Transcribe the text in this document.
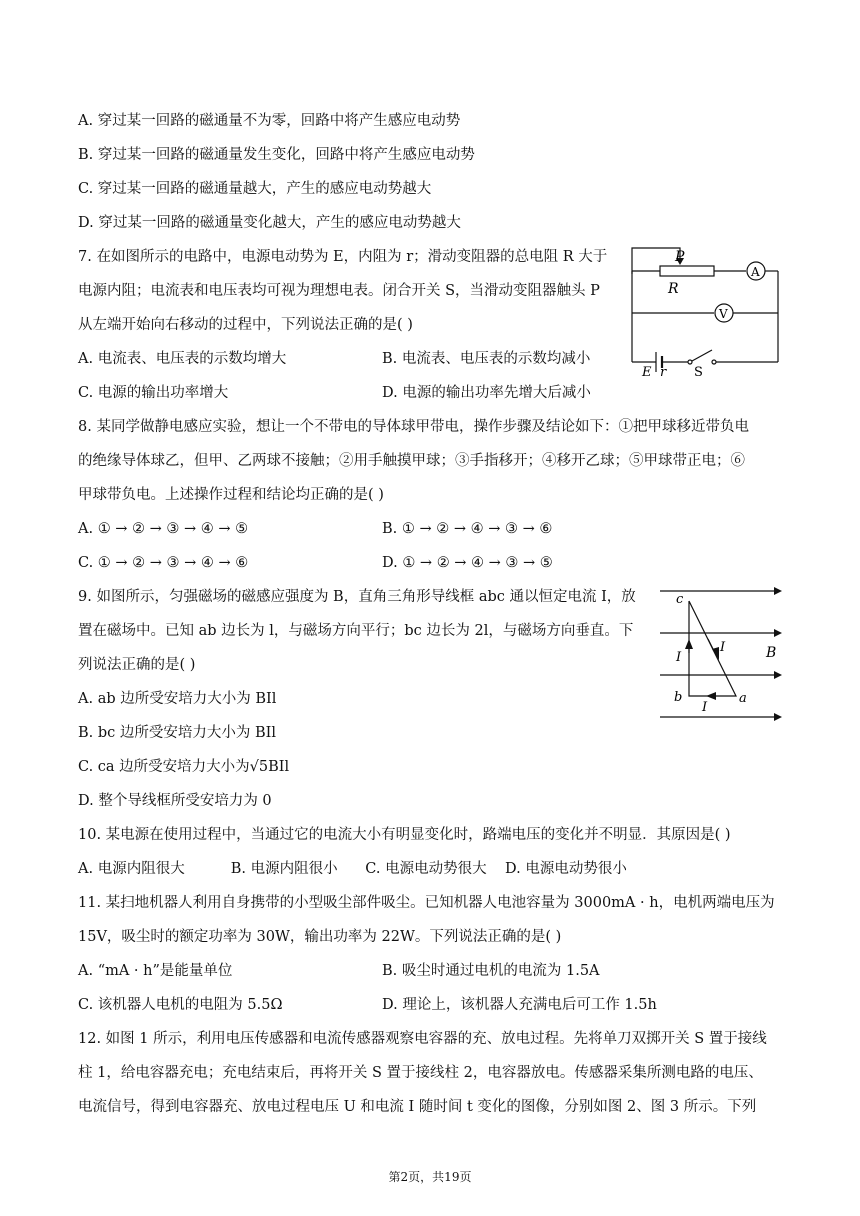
A. 穿过某一回路的磁通量不为零，回路中将产生感应电动势
B. 穿过某一回路的磁通量发生变化，回路中将产生感应电动势
C. 穿过某一回路的磁通量越大，产生的感应电动势越大
D. 穿过某一回路的磁通量变化越大，产生的感应电动势越大
7. 在如图所示的电路中，电源电动势为 E，内阻为 r；滑动变阻器的总电阻 R 大于
电源内阻；电流表和电压表均可视为理想电表。闭合开关 S，当滑动变阻器触头 P
从左端开始向右移动的过程中，下列说法正确的是( )
A. 电流表、电压表的示数均增大	B. 电流表、电压表的示数均减小
C. 电源的输出功率增大	D. 电源的输出功率先增大后减小
P
R
A
V
E r S
8. 某同学做静电感应实验，想让一个不带电的导体球甲带电，操作步骤及结论如下：①把甲球移近带负电
的绝缘导体球乙，但甲、乙两球不接触；②用手触摸甲球；③手指移开；④移开乙球；⑤甲球带正电；⑥
甲球带负电。上述操作过程和结论均正确的是( )
A. ① → ② → ③ → ④ → ⑤	B. ① → ② → ④ → ③ → ⑥
C. ① → ② → ③ → ④ → ⑥	D. ① → ② → ④ → ③ → ⑤
9. 如图所示，匀强磁场的磁感应强度为 B，直角三角形导线框 abc 通以恒定电流 I，放
置在磁场中。已知 ab 边长为 l，与磁场方向平行；bc 边长为 2l，与磁场方向垂直。下
列说法正确的是( )
A. ab 边所受安培力大小为 BIl
B. bc 边所受安培力大小为 BIl
C. ca 边所受安培力大小为√5BIl
D. 整个导线框所受安培力为 0
c
b	a
I
I
I
B
10. 某电源在使用过程中，当通过它的电流大小有明显变化时，路端电压的变化并不明显．其原因是( )
A. 电源内阻很大          B. 电源内阻很小      C. 电源电动势很大    D. 电源电动势很小
11. 某扫地机器人利用自身携带的小型吸尘部件吸尘。已知机器人电池容量为 3000mA · h，电机两端电压为
15V，吸尘时的额定功率为 30W，输出功率为 22W。下列说法正确的是( )
A. “mA · h”是能量单位	B. 吸尘时通过电机的电流为 1.5A
C. 该机器人电机的电阻为 5.5Ω	D. 理论上，该机器人充满电后可工作 1.5h
12. 如图 1 所示，利用电压传感器和电流传感器观察电容器的充、放电过程。先将单刀双掷开关 S 置于接线
柱 1，给电容器充电；充电结束后，再将开关 S 置于接线柱 2，电容器放电。传感器采集所测电路的电压、
电流信号，得到电容器充、放电过程电压 U 和电流 I 随时间 t 变化的图像，分别如图 2、图 3 所示。下列
第2页，共19页
